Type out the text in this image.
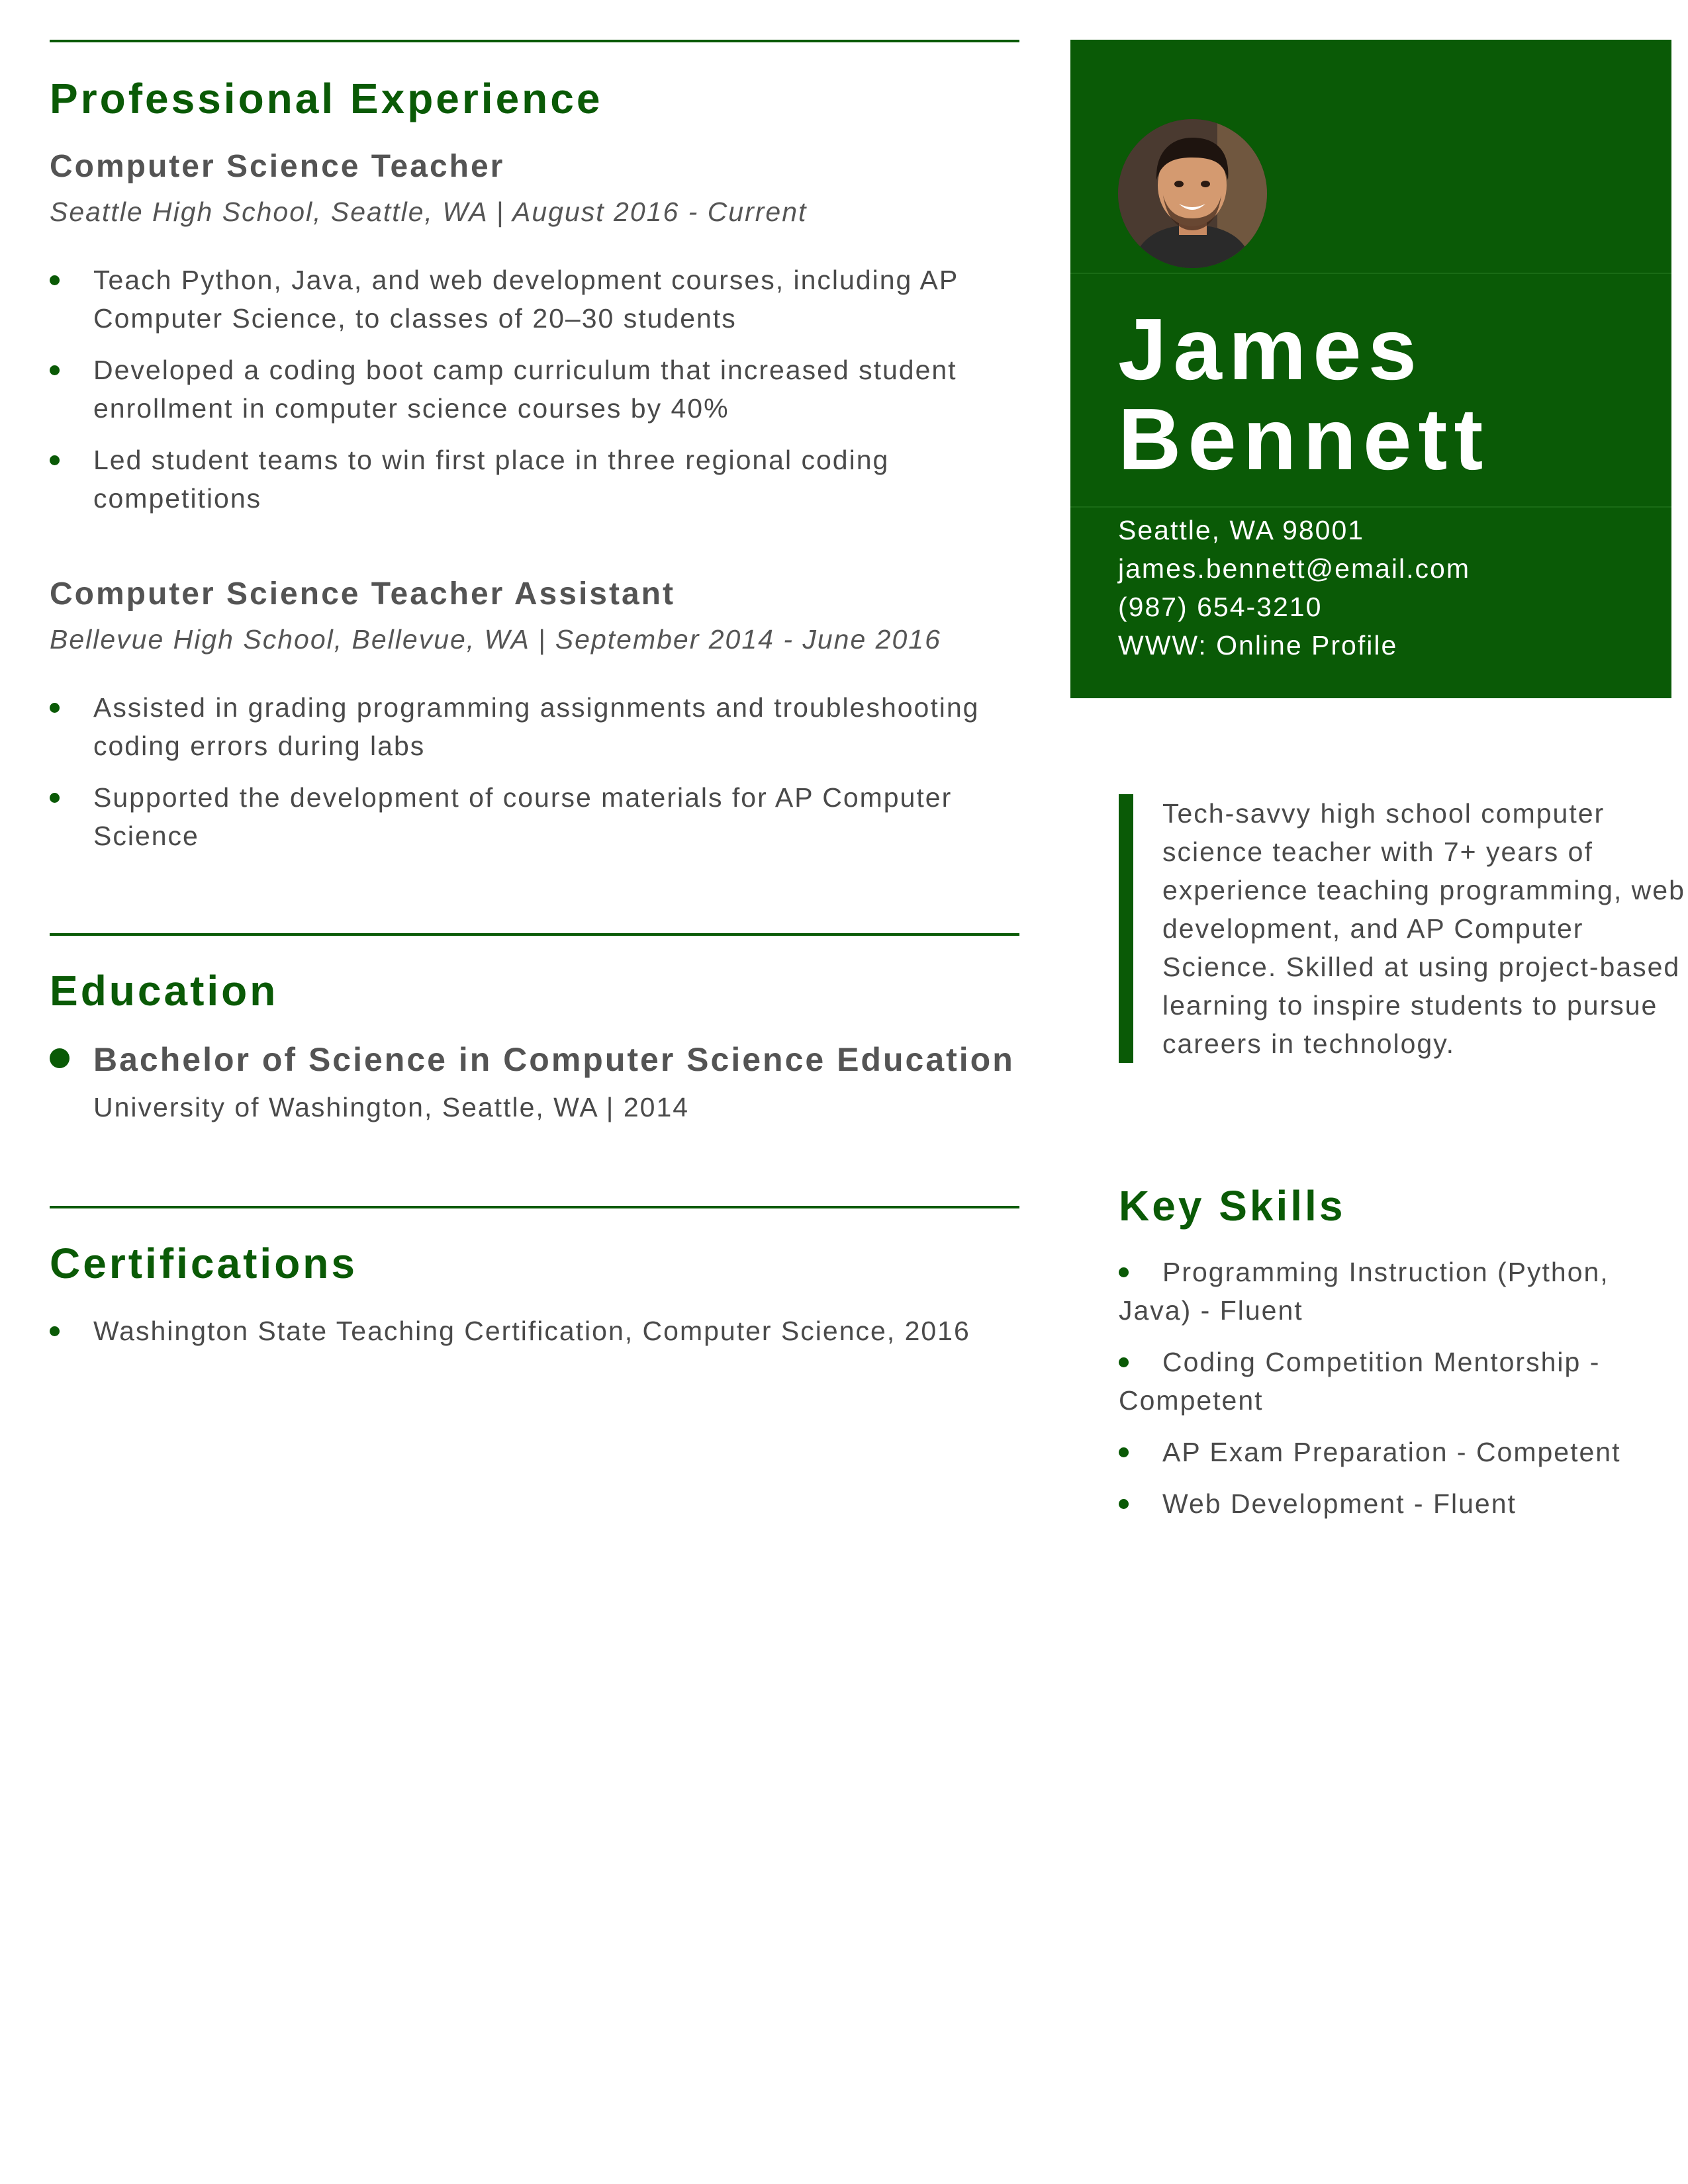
Professional Experience
Computer Science Teacher
Seattle High School, Seattle, WA | August 2016 - Current
Teach Python, Java, and web development courses, including AP Computer Science, to classes of 20–30 students
Developed a coding boot camp curriculum that increased student enrollment in computer science courses by 40%
Led student teams to win first place in three regional coding competitions
Computer Science Teacher Assistant
Bellevue High School, Bellevue, WA | September 2014 - June 2016
Assisted in grading programming assignments and troubleshooting coding errors during labs
Supported the development of course materials for AP Computer Science
Education
Bachelor of Science in Computer Science Education
University of Washington, Seattle, WA | 2014
Certifications
Washington State Teaching Certification, Computer Science, 2016
James
Bennett
Seattle, WA 98001
james.bennett@email.com
(987) 654-3210
WWW: Online Profile
Tech-savvy high school computer science teacher with 7+ years of experience teaching programming, web development, and AP Computer Science. Skilled at using project-based learning to inspire students to pursue careers in technology.
Key Skills
Programming Instruction (Python, Java) - Fluent
Coding Competition Mentorship - Competent
AP Exam Preparation - Competent
Web Development - Fluent
